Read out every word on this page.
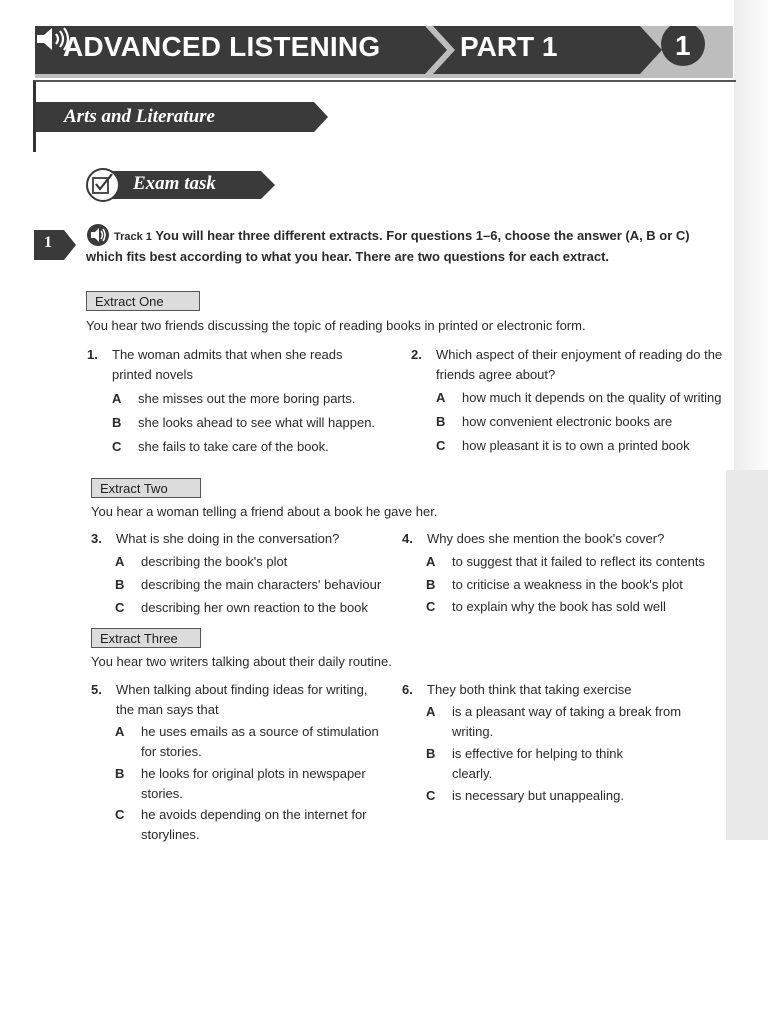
ADVANCED LISTENING	PART 1	1
Arts and Literature
Exam task
1	Track 1 You will hear three different extracts. For questions 1–6, choose the answer (A, B or C) which fits best according to what you hear. There are two questions for each extract.
Extract One
You hear two friends discussing the topic of reading books in printed or electronic form.
1. The woman admits that when she reads printed novels
A she misses out the more boring parts.
B she looks ahead to see what will happen.
C she fails to take care of the book.
2. Which aspect of their enjoyment of reading do the friends agree about?
A how much it depends on the quality of writing
B how convenient electronic books are
C how pleasant it is to own a printed book
Extract Two
You hear a woman telling a friend about a book he gave her.
3. What is she doing in the conversation?
A describing the book's plot
B describing the main characters' behaviour
C describing her own reaction to the book
4. Why does she mention the book's cover?
A to suggest that it failed to reflect its contents
B to criticise a weakness in the book's plot
C to explain why the book has sold well
Extract Three
You hear two writers talking about their daily routine.
5. When talking about finding ideas for writing, the man says that
A he uses emails as a source of stimulation for stories.
B he looks for original plots in newspaper stories.
C he avoids depending on the internet for storylines.
6. They both think that taking exercise
A is a pleasant way of taking a break from writing.
B is effective for helping to think clearly.
C is necessary but unappealing.
